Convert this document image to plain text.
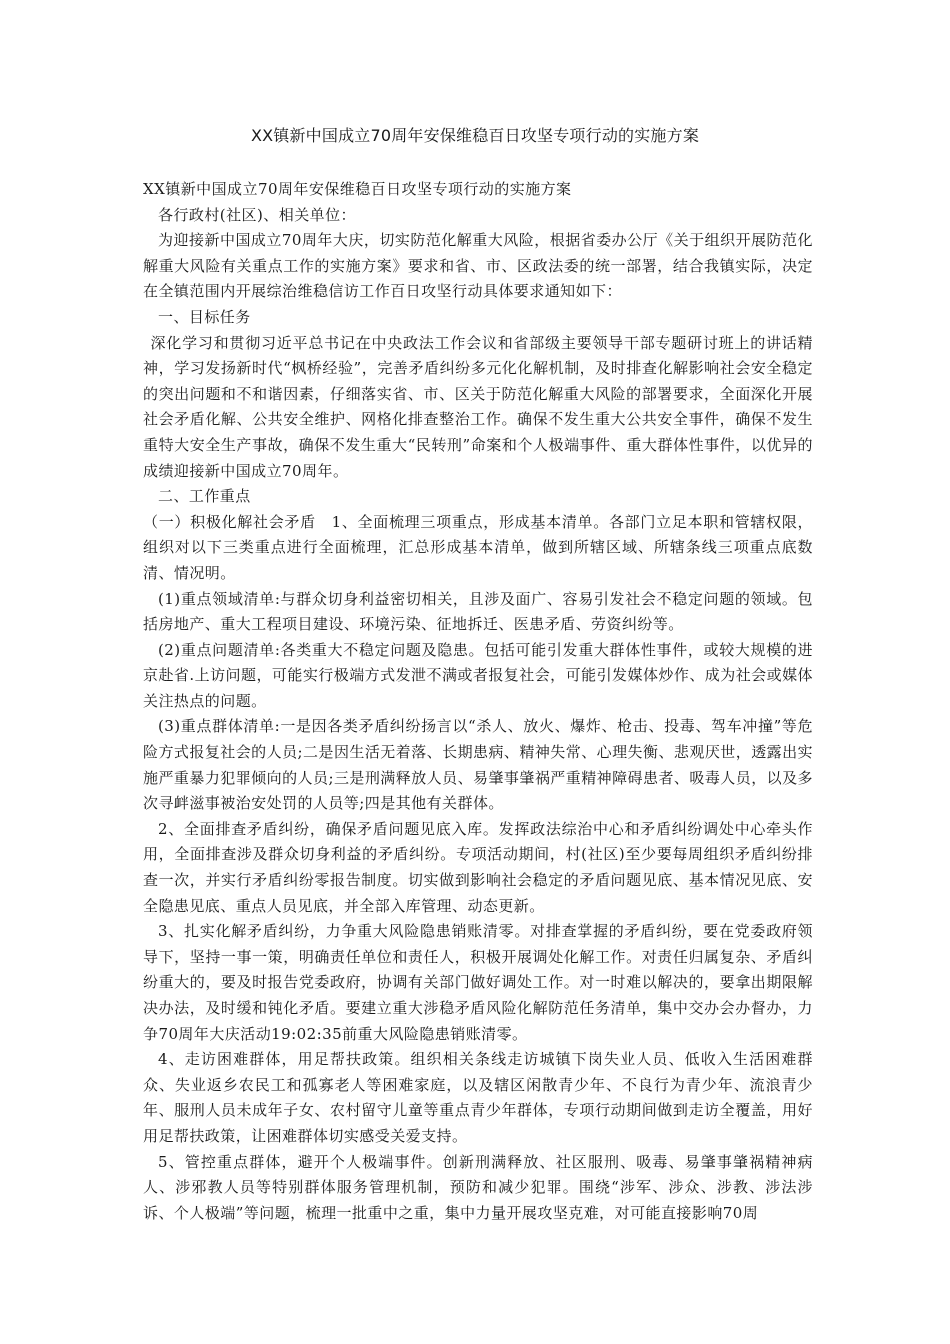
XX镇新中国成立70周年安保维稳百日攻坚专项行动的实施方案

XX镇新中国成立70周年安保维稳百日攻坚专项行动的实施方案

各行政村(社区)、相关单位：

为迎接新中国成立70周年大庆，切实防范化解重大风险，根据省委办公厅《关于组织开展防范化解重大风险有关重点工作的实施方案》要求和省、市、区政法委的统一部署，结合我镇实际，决定在全镇范围内开展综治维稳信访工作百日攻坚行动具体要求通知如下：

一、目标任务

深化学习和贯彻习近平总书记在中央政法工作会议和省部级主要领导干部专题研讨班上的讲话精神，学习发扬新时代“枫桥经验”，完善矛盾纠纷多元化化解机制，及时排查化解影响社会安全稳定的突出问题和不和谐因素，仔细落实省、市、区关于防范化解重大风险的部署要求，全面深化开展社会矛盾化解、公共安全维护、网格化排查整治工作。确保不发生重大公共安全事件，确保不发生重特大安全生产事故，确保不发生重大“民转刑”命案和个人极端事件、重大群体性事件，以优异的成绩迎接新中国成立70周年。

二、工作重点

（一）积极化解社会矛盾　1、全面梳理三项重点，形成基本清单。各部门立足本职和管辖权限，组织对以下三类重点进行全面梳理，汇总形成基本清单，做到所辖区域、所辖条线三项重点底数清、情况明。

(1)重点领域清单:与群众切身利益密切相关，且涉及面广、容易引发社会不稳定问题的领域。包括房地产、重大工程项目建设、环境污染、征地拆迁、医患矛盾、劳资纠纷等。

(2)重点问题清单:各类重大不稳定问题及隐患。包括可能引发重大群体性事件，或较大规模的进京赴省.上访问题，可能实行极端方式发泄不满或者报复社会，可能引发媒体炒作、成为社会或媒体关注热点的问题。

(3)重点群体清单:一是因各类矛盾纠纷扬言以“杀人、放火、爆炸、枪击、投毒、驾车冲撞”等危险方式报复社会的人员;二是因生活无着落、长期患病、精神失常、心理失衡、悲观厌世，透露出实施严重暴力犯罪倾向的人员;三是刑满释放人员、易肇事肇祸严重精神障碍患者、吸毒人员，以及多次寻衅滋事被治安处罚的人员等;四是其他有关群体。

2、全面排查矛盾纠纷，确保矛盾问题见底入库。发挥政法综治中心和矛盾纠纷调处中心牵头作用，全面排查涉及群众切身利益的矛盾纠纷。专项活动期间，村(社区)至少要每周组织矛盾纠纷排查一次，并实行矛盾纠纷零报告制度。切实做到影响社会稳定的矛盾问题见底、基本情况见底、安全隐患见底、重点人员见底，并全部入库管理、动态更新。

3、扎实化解矛盾纠纷，力争重大风险隐患销账清零。对排查掌握的矛盾纠纷，要在党委政府领导下，坚持一事一策，明确责任单位和责任人，积极开展调处化解工作。对责任归属复杂、矛盾纠纷重大的，要及时报告党委政府，协调有关部门做好调处工作。对一时难以解决的，要拿出期限解决办法，及时缓和钝化矛盾。要建立重大涉稳矛盾风险化解防范任务清单，集中交办会办督办，力争70周年大庆活动19:02:35前重大风险隐患销账清零。

4、走访困难群体，用足帮扶政策。组织相关条线走访城镇下岗失业人员、低收入生活困难群众、失业返乡农民工和孤寡老人等困难家庭，以及辖区闲散青少年、不良行为青少年、流浪青少年、服刑人员未成年子女、农村留守儿童等重点青少年群体，专项行动期间做到走访全覆盖，用好用足帮扶政策，让困难群体切实感受关爱支持。

5、管控重点群体，避开个人极端事件。创新刑满释放、社区服刑、吸毒、易肇事肇祸精神病人、涉邪教人员等特别群体服务管理机制，预防和减少犯罪。围绕“涉军、涉众、涉教、涉法涉诉、个人极端”等问题，梳理一批重中之重，集中力量开展攻坚克难，对可能直接影响70周
